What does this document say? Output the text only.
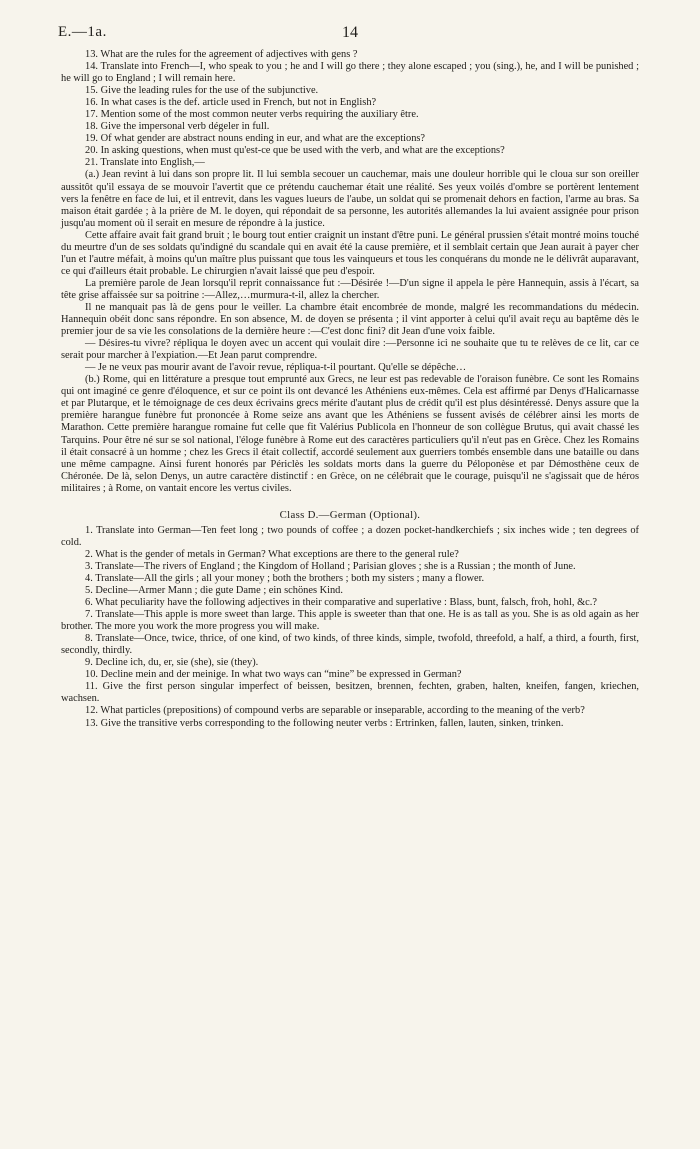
E.—1a.	14
13. What are the rules for the agreement of adjectives with gens ?
14. Translate into French—I, who speak to you ; he and I will go there ; they alone escaped ; you (sing.), he, and I will be punished ; he will go to England ; I will remain here.
15. Give the leading rules for the use of the subjunctive.
16. In what cases is the def. article used in French, but not in English?
17. Mention some of the most common neuter verbs requiring the auxiliary être.
18. Give the impersonal verb dégeler in full.
19. Of what gender are abstract nouns ending in eur, and what are the exceptions?
20. In asking questions, when must qu'est-ce que be used with the verb, and what are the exceptions?
21. Translate into English,—
(a.) Jean revint à lui dans son propre lit. Il lui sembla secouer un cauchemar, mais une douleur horrible qui le cloua sur son oreiller aussitôt qu'il essaya de se mouvoir l'avertit que ce prétendu cauchemar était une réalité. Ses yeux voilés d'ombre se portèrent lentement vers la fenêtre en face de lui, et il entrevit, dans les vagues lueurs de l'aube, un soldat qui se promenait dehors en faction, l'arme au bras. Sa maison était gardée ; à la prière de M. le doyen, qui répondait de sa personne, les autorités allemandes la lui avaient assignée pour prison jusqu'au moment où il serait en mesure de répondre à la justice.
Cette affaire avait fait grand bruit ; le bourg tout entier craignit un instant d'être puni. Le général prussien s'était montré moins touché du meurtre d'un de ses soldats qu'indigné du scandale qui en avait été la cause première, et il semblait certain que Jean aurait à payer cher l'un et l'autre méfait, à moins qu'un maître plus puissant que tous les vainqueurs et tous les conquérans du monde ne le délivrât auparavant, ce qui d'ailleurs était probable. Le chirurgien n'avait laissé que peu d'espoir.
La première parole de Jean lorsqu'il reprit connaissance fut :—Désirée !—D'un signe il appela le père Hannequin, assis à l'écart, sa tête grise affaissée sur sa poitrine :—Allez,…murmura-t-il, allez la chercher.
Il ne manquait pas là de gens pour le veiller. La chambre était encombrée de monde, malgré les recommandations du médecin. Hannequin obéit donc sans répondre. En son absence, M. de doyen se présenta ; il vint apporter à celui qu'il avait reçu au baptême dès le premier jour de sa vie les consolations de la dernière heure :—C'est donc fini? dit Jean d'une voix faible.
— Désires-tu vivre? répliqua le doyen avec un accent qui voulait dire :—Personne ici ne souhaite que tu te relèves de ce lit, car ce serait pour marcher à l'expiation.—Et Jean parut comprendre.
— Je ne veux pas mourir avant de l'avoir revue, répliqua-t-il pourtant. Qu'elle se dépêche…
(b.) Rome, qui en littérature a presque tout emprunté aux Grecs, ne leur est pas redevable de l'oraison funèbre. Ce sont les Romains qui ont imaginé ce genre d'éloquence, et sur ce point ils ont devancé les Athéniens eux-mêmes. Cela est affirmé par Denys d'Halicarnasse et par Plutarque, et le témoignage de ces deux écrivains grecs mérite d'autant plus de crédit qu'il est plus désintéressé. Denys assure que la première harangue funèbre fut prononcée à Rome seize ans avant que les Athéniens se fussent avisés de célébrer ainsi les morts de Marathon. Cette première harangue romaine fut celle que fit Valérius Publicola en l'honneur de son collègue Brutus, qui avait chassé les Tarquins. Pour être né sur se sol national, l'éloge funèbre à Rome eut des caractères particuliers qu'il n'eut pas en Grèce. Chez les Romains il était consacré à un homme ; chez les Grecs il était collectif, accordé seulement aux guerriers tombés ensemble dans une bataille ou dans une même campagne. Ainsi furent honorés par Périclès les soldats morts dans la guerre du Péloponèse et par Démosthène ceux de Chéronée. De là, selon Denys, un autre caractère distinctif : en Grèce, on ne célébrait que le courage, puisqu'il ne s'agissait que de héros militaires ; à Rome, on vantait encore les vertus civiles.
Class D.—German (Optional).
1. Translate into German—Ten feet long ; two pounds of coffee ; a dozen pocket-handkerchiefs ; six inches wide ; ten degrees of cold.
2. What is the gender of metals in German? What exceptions are there to the general rule?
3. Translate—The rivers of England ; the Kingdom of Holland ; Parisian gloves ; she is a Russian ; the month of June.
4. Translate—All the girls ; all your money ; both the brothers ; both my sisters ; many a flower.
5. Decline—Armer Mann ; die gute Dame ; ein schönes Kind.
6. What peculiarity have the following adjectives in their comparative and superlative : Blass, bunt, falsch, froh, hohl, &c.?
7. Translate—This apple is more sweet than large. This apple is sweeter than that one. He is as tall as you. She is as old again as her brother. The more you work the more progress you will make.
8. Translate—Once, twice, thrice, of one kind, of two kinds, of three kinds, simple, twofold, threefold, a half, a third, a fourth, first, secondly, thirdly.
9. Decline ich, du, er, sie (she), sie (they).
10. Decline mein and der meinige. In what two ways can “mine” be expressed in German?
11. Give the first person singular imperfect of beissen, besitzen, brennen, fechten, graben, halten, kneifen, fangen, kriechen, wachsen.
12. What particles (prepositions) of compound verbs are separable or inseparable, according to the meaning of the verb?
13. Give the transitive verbs corresponding to the following neuter verbs : Ertrinken, fallen, lauten, sinken, trinken.
